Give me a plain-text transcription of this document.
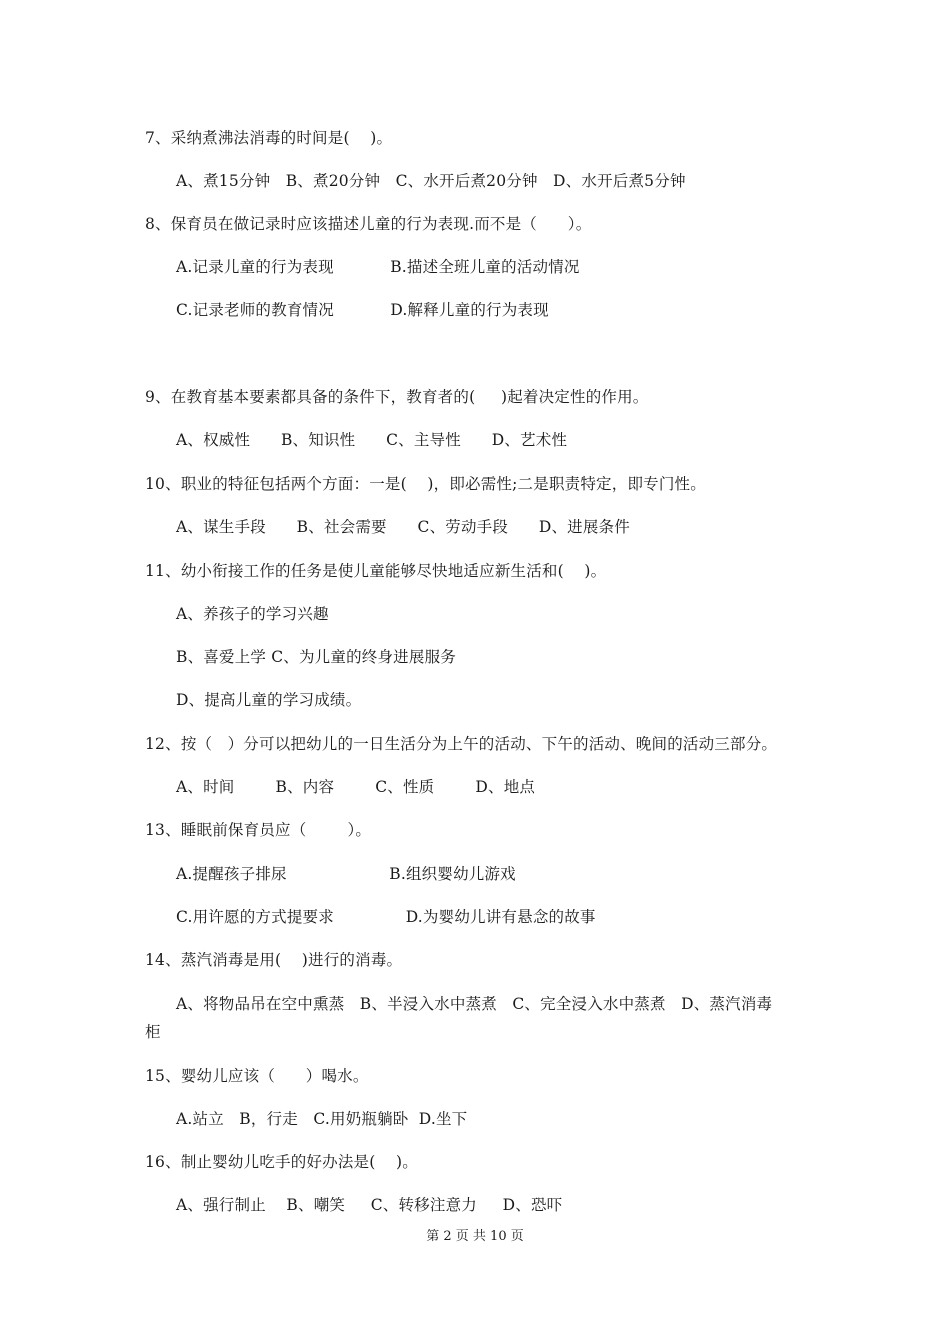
7、采纳煮沸法消毒的时间是(    )。
A、煮15分钟   B、煮20分钟   C、水开后煮20分钟   D、水开后煮5分钟
8、保育员在做记录时应该描述儿童的行为表现.而不是（      ）。
A.记录儿童的行为表现           B.描述全班儿童的活动情况
C.记录老师的教育情况           D.解释儿童的行为表现
9、在教育基本要素都具备的条件下，教育者的(     )起着决定性的作用。
A、权威性      B、知识性      C、主导性      D、艺术性
10、职业的特征包括两个方面：一是(    )，即必需性;二是职责特定，即专门性。
A、谋生手段      B、社会需要      C、劳动手段      D、进展条件
11、幼小衔接工作的任务是使儿童能够尽快地适应新生活和(    )。
A、养孩子的学习兴趣
B、喜爱上学 C、为儿童的终身进展服务
D、提高儿童的学习成绩。
12、按（   ）分可以把幼儿的一日生活分为上午的活动、下午的活动、晚间的活动三部分。
A、时间        B、内容        C、性质        D、地点
13、睡眠前保育员应（        ）。
A.提醒孩子排尿                    B.组织婴幼儿游戏
C.用许愿的方式提要求              D.为婴幼儿讲有悬念的故事
14、蒸汽消毒是用(    )进行的消毒。
A、将物品吊在空中熏蒸   B、半浸入水中蒸煮   C、完全浸入水中蒸煮   D、蒸汽消毒
柜
15、婴幼儿应该（      ）喝水。
A.站立   B，行走   C.用奶瓶躺卧  D.坐下
16、制止婴幼儿吃手的好办法是(    )。
A、强行制止    B、嘲笑     C、转移注意力     D、恐吓
第 2 页 共 10 页
